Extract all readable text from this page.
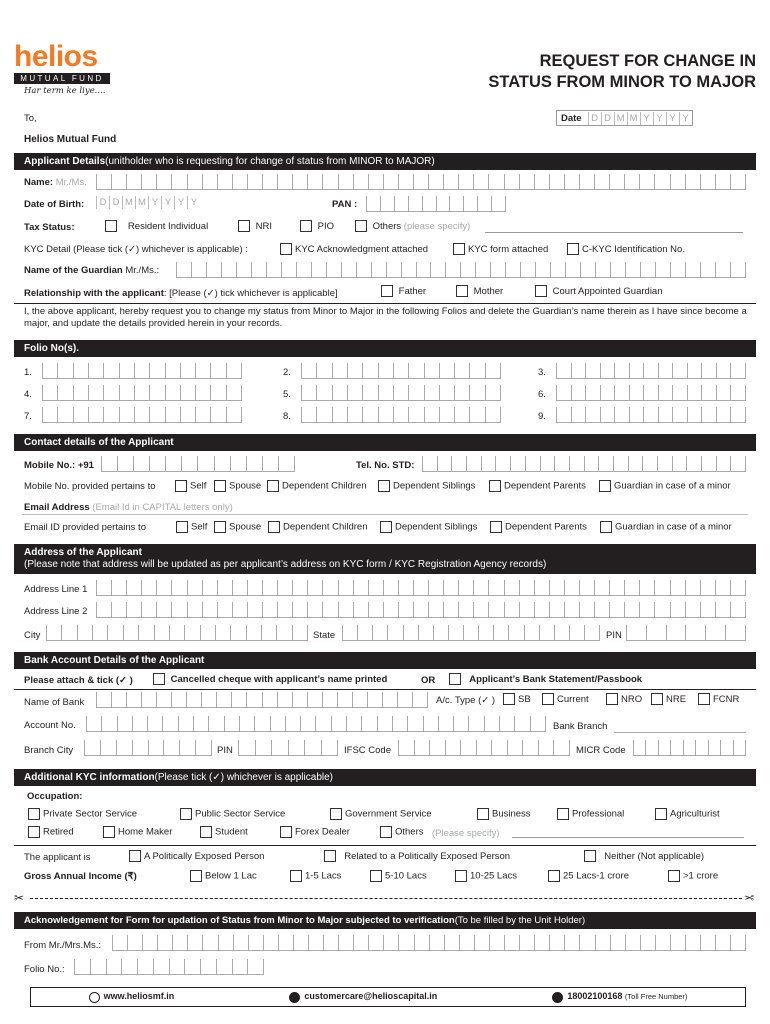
helios
MUTUAL FUND
Har term ke liye....
REQUEST FOR CHANGE IN
STATUS FROM MINOR TO MAJOR
To,
Helios Mutual Fund
Date	D D M M Y Y Y Y
Applicant Details (unitholder who is requesting for change of status from MINOR to MAJOR)
Name: Mr./Ms.
Date of Birth:	D D M M Y Y Y Y	PAN :
Tax Status:	Resident Individual	NRI	PIO	Others (please specify)
KYC Detail (Please tick (✓) whichever is applicable) :	KYC Acknowledgment attached	KYC form attached	C-KYC Identification No.
Name of the Guardian Mr./Ms.:
Relationship with the applicant: [Please (✓) tick whichever is applicable]	Father	Mother	Court Appointed Guardian
I, the above applicant, hereby request you to change my status from Minor to Major in the following Folios and delete the Guardian’s name therein as I have since become a major, and update the details provided herein in your records.
Folio No(s).
1.	2.	3.
4.	5.	6.
7.	8.	9.
Contact details of the Applicant
Mobile No.: +91	Tel. No. STD:
Mobile No. provided pertains to	Self	Spouse	Dependent Children	Dependent Siblings	Dependent Parents	Guardian in case of a minor
Email Address (Email Id in CAPITAL letters only)
Email ID provided pertains to	Self	Spouse	Dependent Children	Dependent Siblings	Dependent Parents	Guardian in case of a minor
Address of the Applicant
(Please note that address will be updated as per applicant’s address on KYC form / KYC Registration Agency records)
Address Line 1
Address Line 2
City	State	PIN
Bank Account Details of the Applicant
Please attach & tick (✓ )	Cancelled cheque with applicant’s name printed	OR	Applicant’s Bank Statement/Passbook
Name of Bank	A/c. Type (✓ )	SB	Current	NRO	NRE	FCNR
Account No.	Bank Branch
Branch City	PIN	IFSC Code	MICR Code
Additional KYC information (Please tick (✓) whichever is applicable)
Occupation:
Private Sector Service	Public Sector Service	Government Service	Business	Professional	Agriculturist
Retired	Home Maker	Student	Forex Dealer	Others (Please specify)
The applicant is	A Politically Exposed Person	Related to a Politically Exposed Person	Neither (Not applicable)
Gross Annual Income (₹)	Below 1 Lac	1-5 Lacs	5-10 Lacs	10-25 Lacs	25 Lacs-1 crore	>1 crore
✂	✂
Acknowledgement for Form for updation of Status from Minor to Major subjected to verification (To be filled by the Unit Holder)
From Mr./Mrs.Ms.:
Folio No.:
www.heliosmf.in	customercare@helioscapital.in	18002100168 (Toll Free Number)
